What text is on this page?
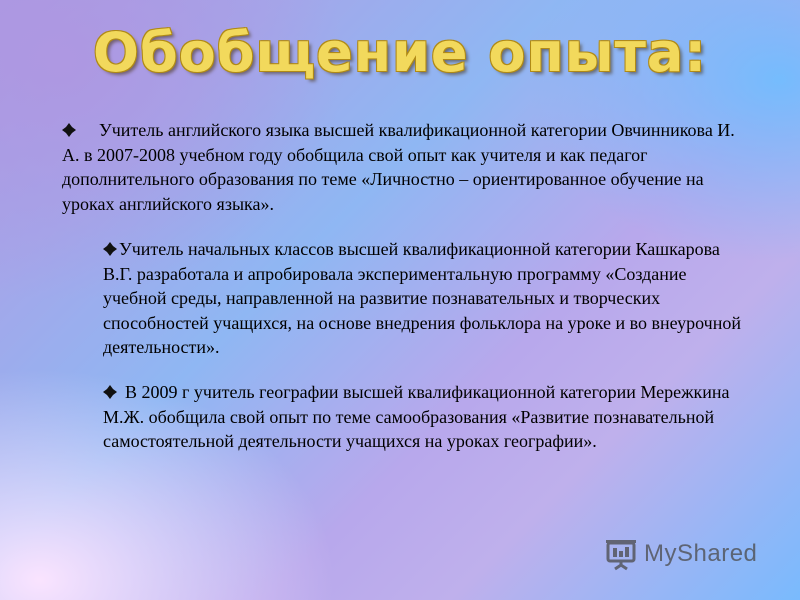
Обобщение опыта:

Учитель английского языка высшей квалификационной категории Овчинникова И. А. в 2007-2008 учебном году обобщила свой опыт как учителя и как педагог дополнительного образования по теме «Личностно – ориентированное обучение на уроках английского языка».

Учитель начальных классов высшей квалификационной категории Кашкарова В.Г. разработала и апробировала экспериментальную программу «Создание учебной среды, направленной на развитие познавательных и творческих способностей учащихся, на основе внедрения фольклора на уроке и во внеурочной деятельности».

В 2009 г учитель географии высшей квалификационной категории Мережкина М.Ж. обобщила свой опыт по теме самообразования «Развитие познавательной самостоятельной деятельности учащихся на уроках географии».

MyShared
